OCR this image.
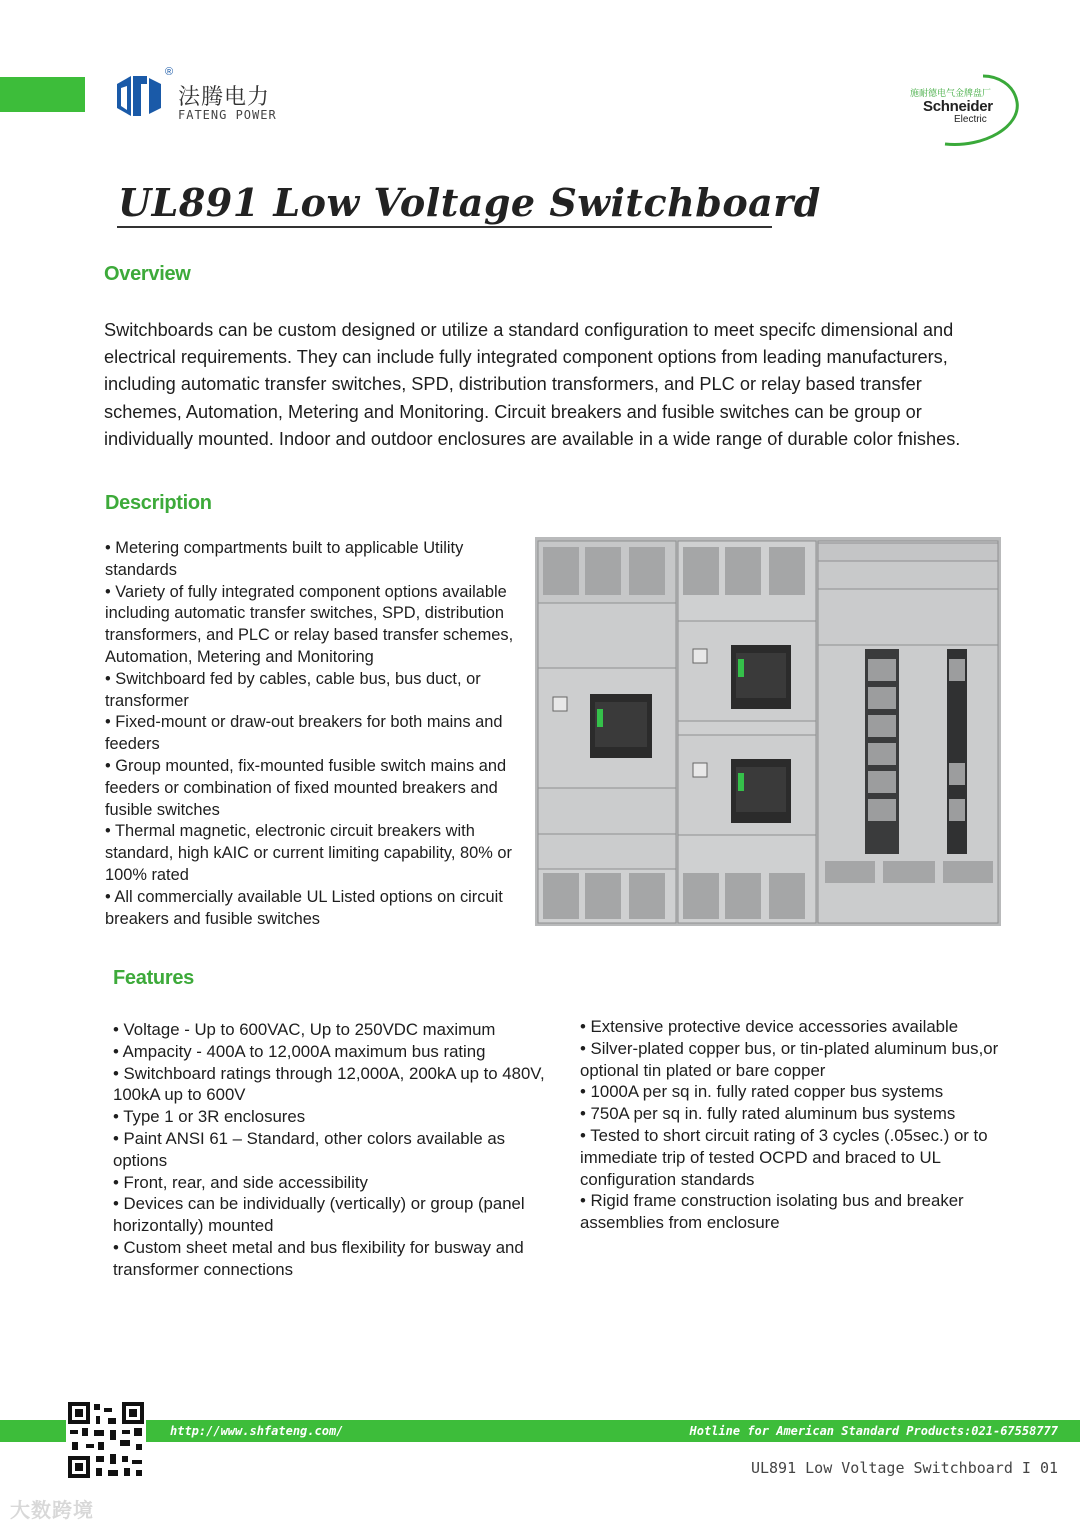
®
法腾电力
FATENG POWER
施耐德电气金牌盘厂
Schneider
Electric
UL891 Low Voltage Switchboard
Overview
Switchboards can be custom designed or utilize a standard configuration to meet specifc dimensional and electrical requirements. They can include fully integrated component options from leading manufacturers, including automatic transfer switches, SPD, distribution transformers, and PLC or relay based transfer schemes, Automation, Metering and Monitoring. Circuit breakers and fusible switches can be group or individually mounted. Indoor and outdoor enclosures are available in a wide range of durable color fnishes.
Description

• Metering compartments built to applicable Utility standards

• Variety of fully integrated component options available including automatic transfer switches, SPD, distribution transformers, and PLC or relay based transfer schemes, Automation, Metering and Monitoring

• Switchboard fed by cables, cable bus, bus duct, or transformer

• Fixed-mount or draw-out breakers for both mains and feeders

• Group mounted, fix-mounted fusible switch mains and feeders or combination of fixed mounted breakers and fusible switches

• Thermal magnetic, electronic circuit breakers with standard, high kAIC or current limiting capability, 80% or 100% rated

• All commercially available UL Listed options on circuit breakers and fusible switches

Features

• Voltage - Up to 600VAC, Up to 250VDC maximum

• Ampacity - 400A to 12,000A maximum bus rating

• Switchboard ratings through 12,000A, 200kA up to 480V, 100kA up to 600V

• Type 1 or 3R enclosures

• Paint ANSI 61 – Standard, other colors available as options

• Front, rear, and side accessibility

• Devices can be individually (vertically) or group (panel horizontally) mounted

• Custom sheet metal and bus flexibility for busway and transformer connections

• Extensive protective device accessories available

• Silver-plated copper bus, or tin-plated aluminum bus,or optional tin plated or bare copper

• 1000A per sq in. fully rated copper bus systems

• 750A per sq in. fully rated aluminum bus systems

• Tested to short circuit rating of 3 cycles (.05sec.) or to immediate trip of tested OCPD and braced to UL configuration standards

• Rigid frame construction isolating bus and breaker assemblies from enclosure

http://www.shfateng.com/	Hotline for American Standard Products:021-67558777
UL891 Low Voltage Switchboard I 01
大数跨境
